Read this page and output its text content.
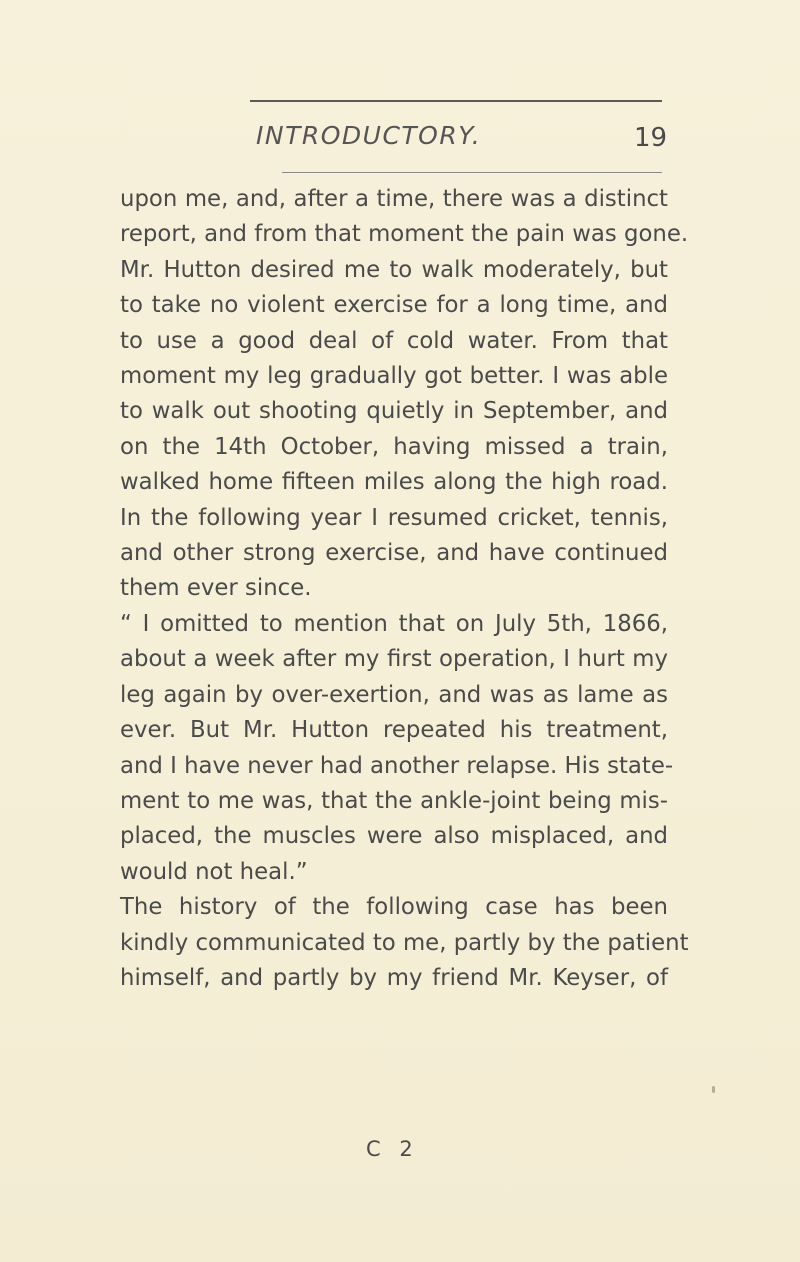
INTRODUCTORY.	19
upon me, and, after a time, there was a distinct
report, and from that moment the pain was gone.
Mr. Hutton desired me to walk moderately, but
to take no violent exercise for a long time, and
to use a good deal of cold water. From that
moment my leg gradually got better. I was able
to walk out shooting quietly in September, and
on the 14th October, having missed a train,
walked home fifteen miles along the high road.
In the following year I resumed cricket, tennis,
and other strong exercise, and have continued
them ever since.
“ I omitted to mention that on July 5th, 1866,
about a week after my first operation, I hurt my
leg again by over-exertion, and was as lame as
ever. But Mr. Hutton repeated his treatment,
and I have never had another relapse. His state-
ment to me was, that the ankle-joint being mis-
placed, the muscles were also misplaced, and
would not heal.”
The history of the following case has been
kindly communicated to me, partly by the patient
himself, and partly by my friend Mr. Keyser, of
C 2
